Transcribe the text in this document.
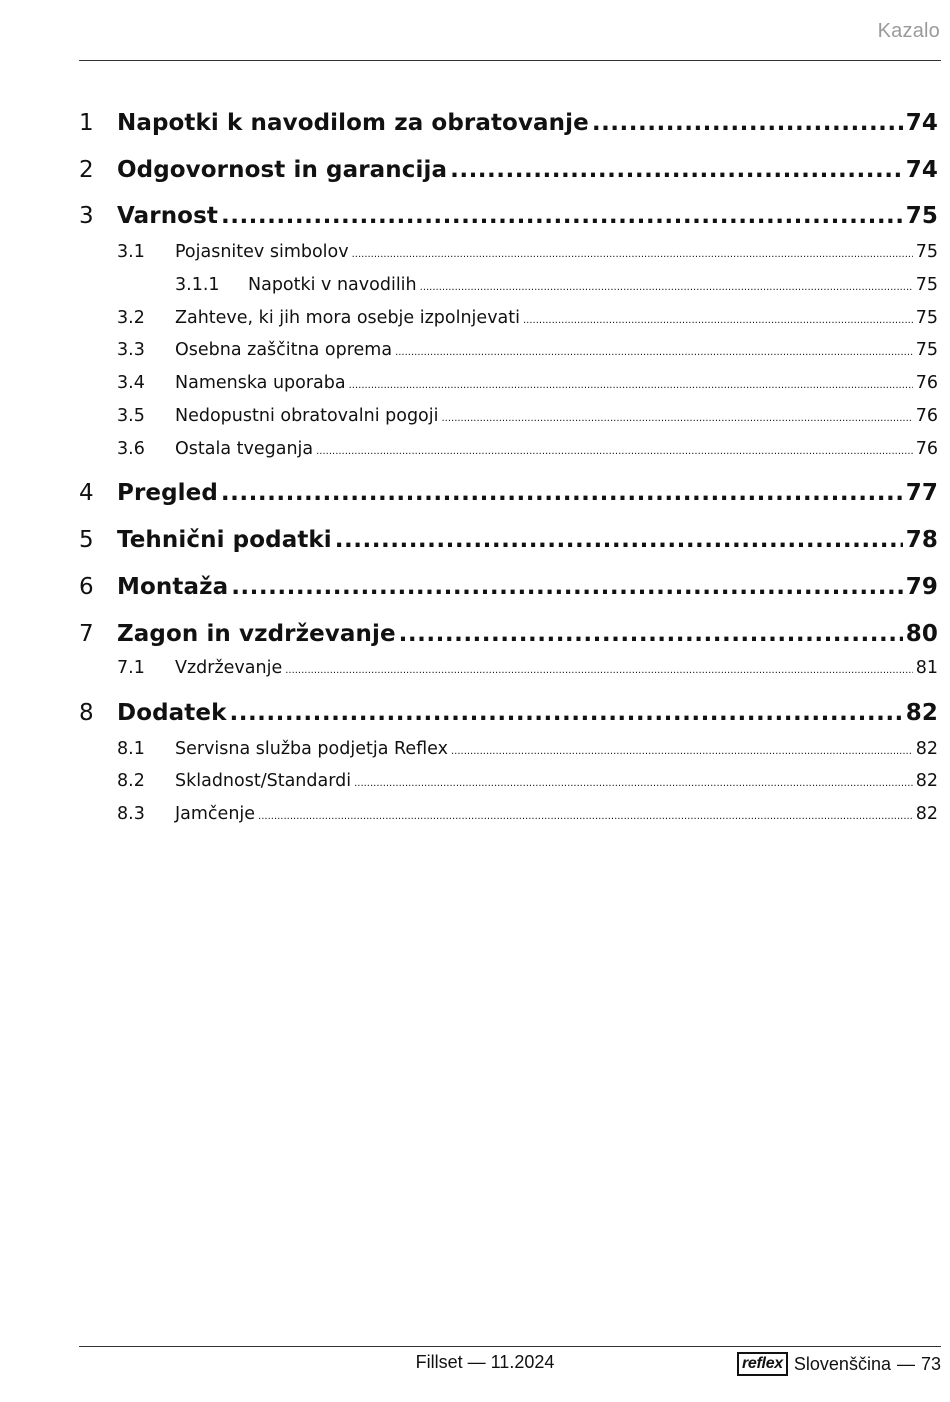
Kazalo
1	Napotki k navodilom za obratovanje .....	74
2	Odgovornost in garancija .....	74
3	Varnost .....	75
3.1	Pojasnitev simbolov .....	75
3.1.1	Napotki v navodilih .....	75
3.2	Zahteve, ki jih mora osebje izpolnjevati .....	75
3.3	Osebna zaščitna oprema .....	75
3.4	Namenska uporaba .....	76
3.5	Nedopustni obratovalni pogoji .....	76
3.6	Ostala tveganja .....	76
4	Pregled .....	77
5	Tehnični podatki .....	78
6	Montaža .....	79
7	Zagon in vzdrževanje .....	80
7.1	Vzdrževanje .....	81
8	Dodatek .....	82
8.1	Servisna služba podjetja Reflex .....	82
8.2	Skladnost/Standardi .....	82
8.3	Jamčenje .....	82
Fillset — 11.2024	reflex Slovenščina — 73
